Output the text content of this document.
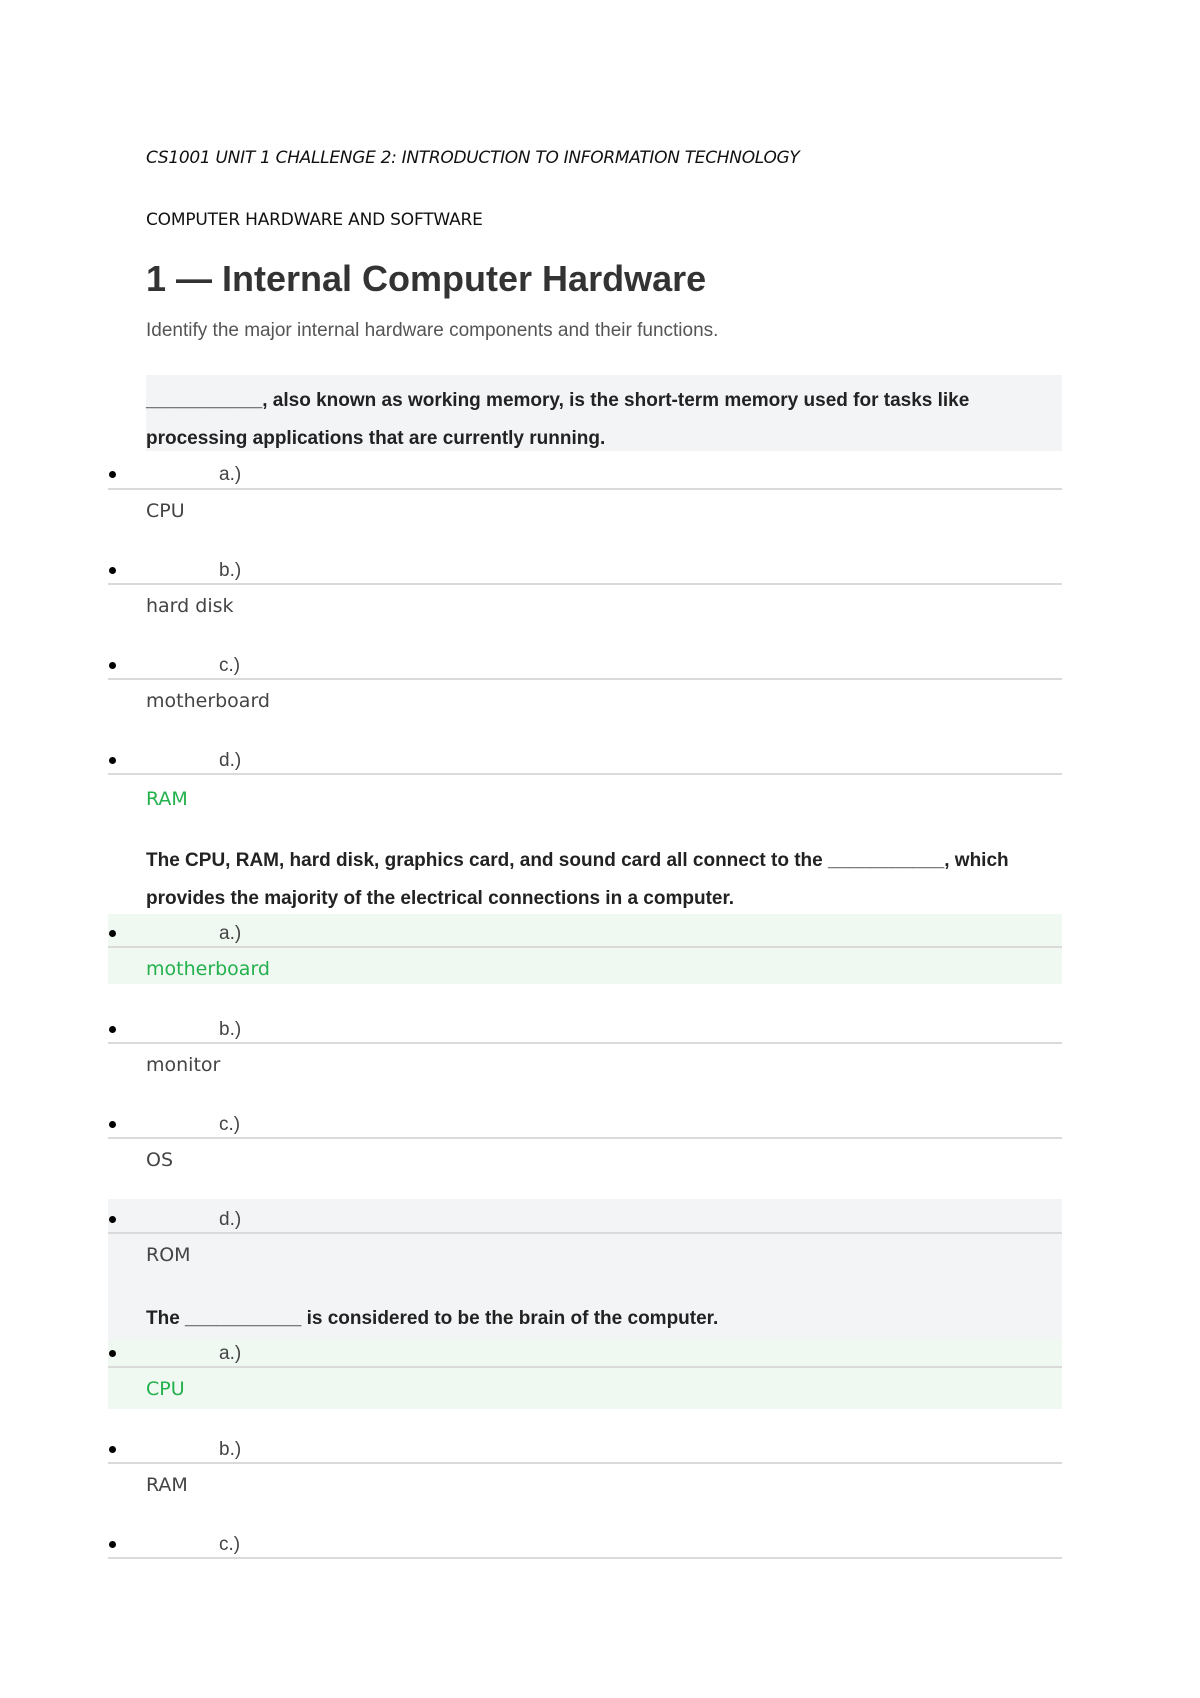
CS1001 UNIT 1 CHALLENGE 2: INTRODUCTION TO INFORMATION TECHNOLOGY
COMPUTER HARDWARE AND SOFTWARE
1 — Internal Computer Hardware
Identify the major internal hardware components and their functions.
___________, also known as working memory, is the short-term memory used for tasks like processing applications that are currently running.
a.)
CPU
b.)
hard disk
c.)
motherboard
d.)
RAM
The CPU, RAM, hard disk, graphics card, and sound card all connect to the ___________, which provides the majority of the electrical connections in a computer.
a.)
motherboard
b.)
monitor
c.)
OS
d.)
ROM
The ___________ is considered to be the brain of the computer.
a.)
CPU
b.)
RAM
c.)
